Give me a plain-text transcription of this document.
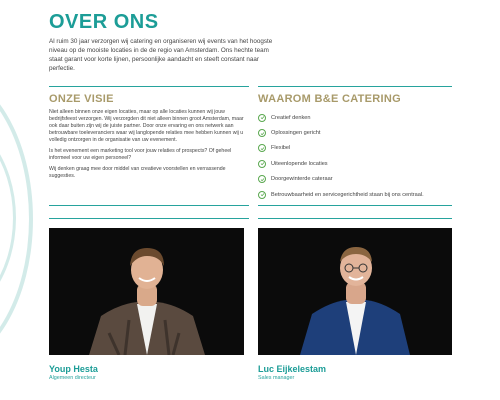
OVER ONS
Al ruim 30 jaar verzorgen wij catering en organiseren wij events van het hoogste niveau op de mooiste locaties in de de regio van Amsterdam. Ons hechte team staat garant voor korte lijnen, persoonlijke aandacht en steeft constant naar perfectie.
ONZE VISIE

Niet alleen binnen onze eigen locaties, maar op alle locaties kunnen wij jouw bedrijfsfeest verzorgen. Wij verzorgden dit niet alleen binnen groot Amsterdam, maar ook daar buiten zijn wij de juiste partner. Door onze ervaring en ons netwerk aan betrouwbare toeleveranciers waar wij langlopende relaties mee hebben kunnen wij u volledig ontzorgen in de organisatie van uw evenement.

Is het evenement een marketing tool voor jouw relaties of prospects? Of geheel informeel voor uw eigen personeel?

Wij denken graag mee door middel van creatieve voorstellen en verrassende suggesties.

WAAROM B&E CATERING
Creatief denken
Oplossingen gericht
Flexibel
Uiteenlopende locaties
Doorgewinterde cateraar
Betrouwbaarheid en servicegerichtheid staan bij ons centraal.
Youp Hesta
Algemeen directeur
Luc Eijkelestam
Sales manager
